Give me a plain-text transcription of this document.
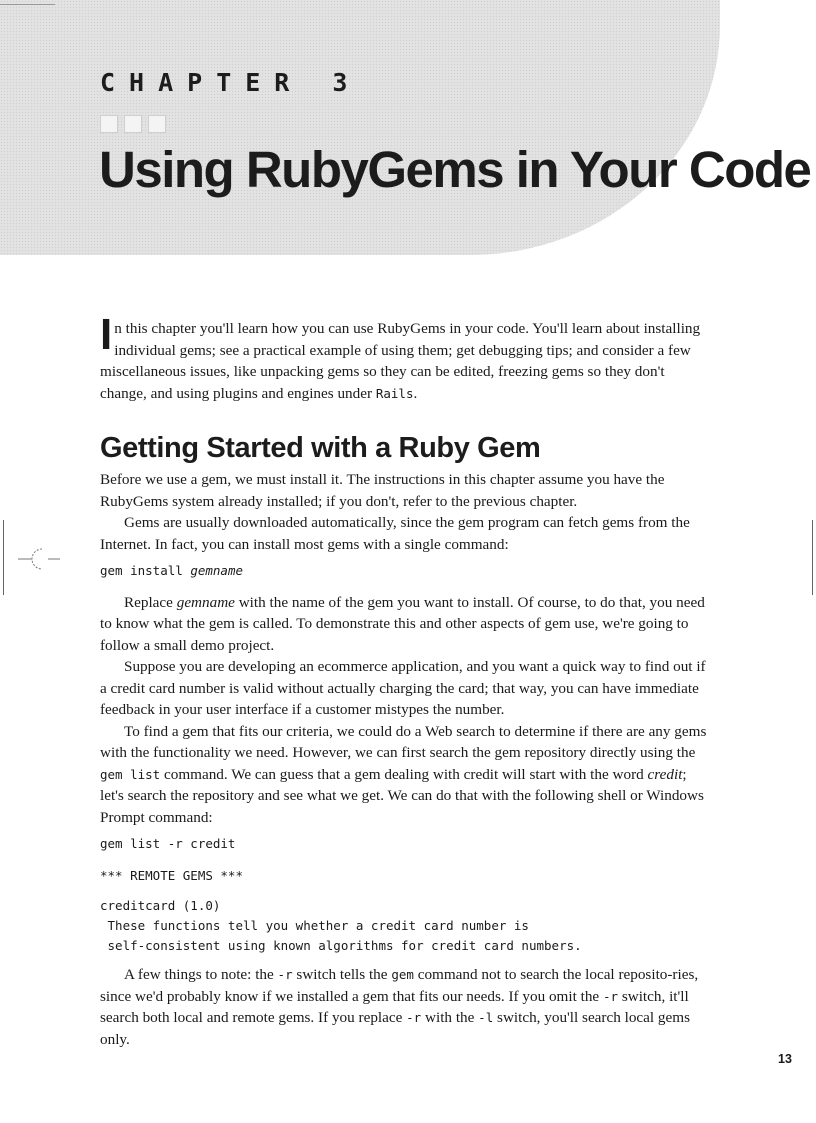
CHAPTER 3
Using RubyGems in Your Code

In this chapter you'll learn how you can use RubyGems in your code. You'll learn about installing individual gems; see a practical example of using them; get debugging tips; and consider a few miscellaneous issues, like unpacking gems so they can be edited, freezing gems so they don't change, and using plugins and engines under Rails.

Getting Started with a Ruby Gem

Before we use a gem, we must install it. The instructions in this chapter assume you have the RubyGems system already installed; if you don't, refer to the previous chapter.

Gems are usually downloaded automatically, since the gem program can fetch gems from the Internet. In fact, you can install most gems with a single command:

gem install gemname

Replace gemname with the name of the gem you want to install. Of course, to do that, you need to know what the gem is called. To demonstrate this and other aspects of gem use, we're going to follow a small demo project.

Suppose you are developing an ecommerce application, and you want a quick way to find out if a credit card number is valid without actually charging the card; that way, you can have immediate feedback in your user interface if a customer mistypes the number.

To find a gem that fits our criteria, we could do a Web search to determine if there are any gems with the functionality we need. However, we can first search the gem repository directly using the gem list command. We can guess that a gem dealing with credit will start with the word credit; let's search the repository and see what we get. We can do that with the following shell or Windows Prompt command:

gem list -r credit
*** REMOTE GEMS ***
creditcard (1.0)
These functions tell you whether a credit card number is
self-consistent using known algorithms for credit card numbers.

A few things to note: the -r switch tells the gem command not to search the local reposito-ries, since we'd probably know if we installed a gem that fits our needs. If you omit the -r switch, it'll search both local and remote gems. If you replace -r with the -l switch, you'll search local gems only.

13
